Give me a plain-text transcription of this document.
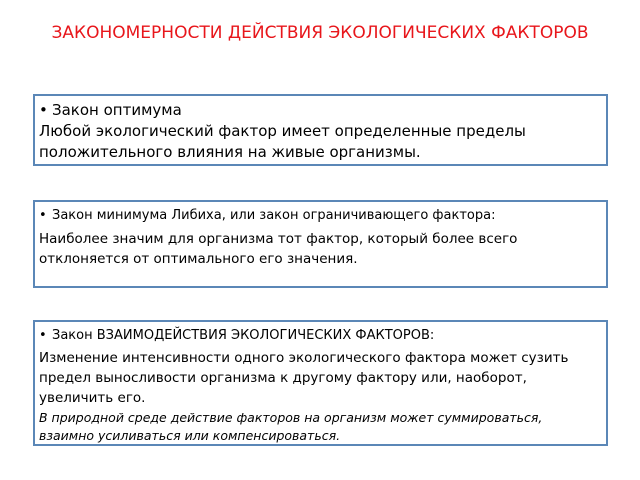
ЗАКОНОМЕРНОСТИ ДЕЙСТВИЯ ЭКОЛОГИЧЕСКИХ ФАКТОРОВ
• Закон оптимума
Любой экологический фактор имеет определенные пределы положительного влияния на живые организмы.
• Закон минимума Либиха, или закон ограничивающего фактора:
Наиболее значим для организма тот фактор, который более всего отклоняется от оптимального его значения.
• Закон ВЗАИМОДЕЙСТВИЯ ЭКОЛОГИЧЕСКИХ ФАКТОРОВ:
Изменение интенсивности одного экологического фактора может сузить предел выносливости организма к другому фактору или, наоборот, увеличить его.
В природной среде действие факторов на организм может суммироваться, взаимно усиливаться или компенсироваться.
